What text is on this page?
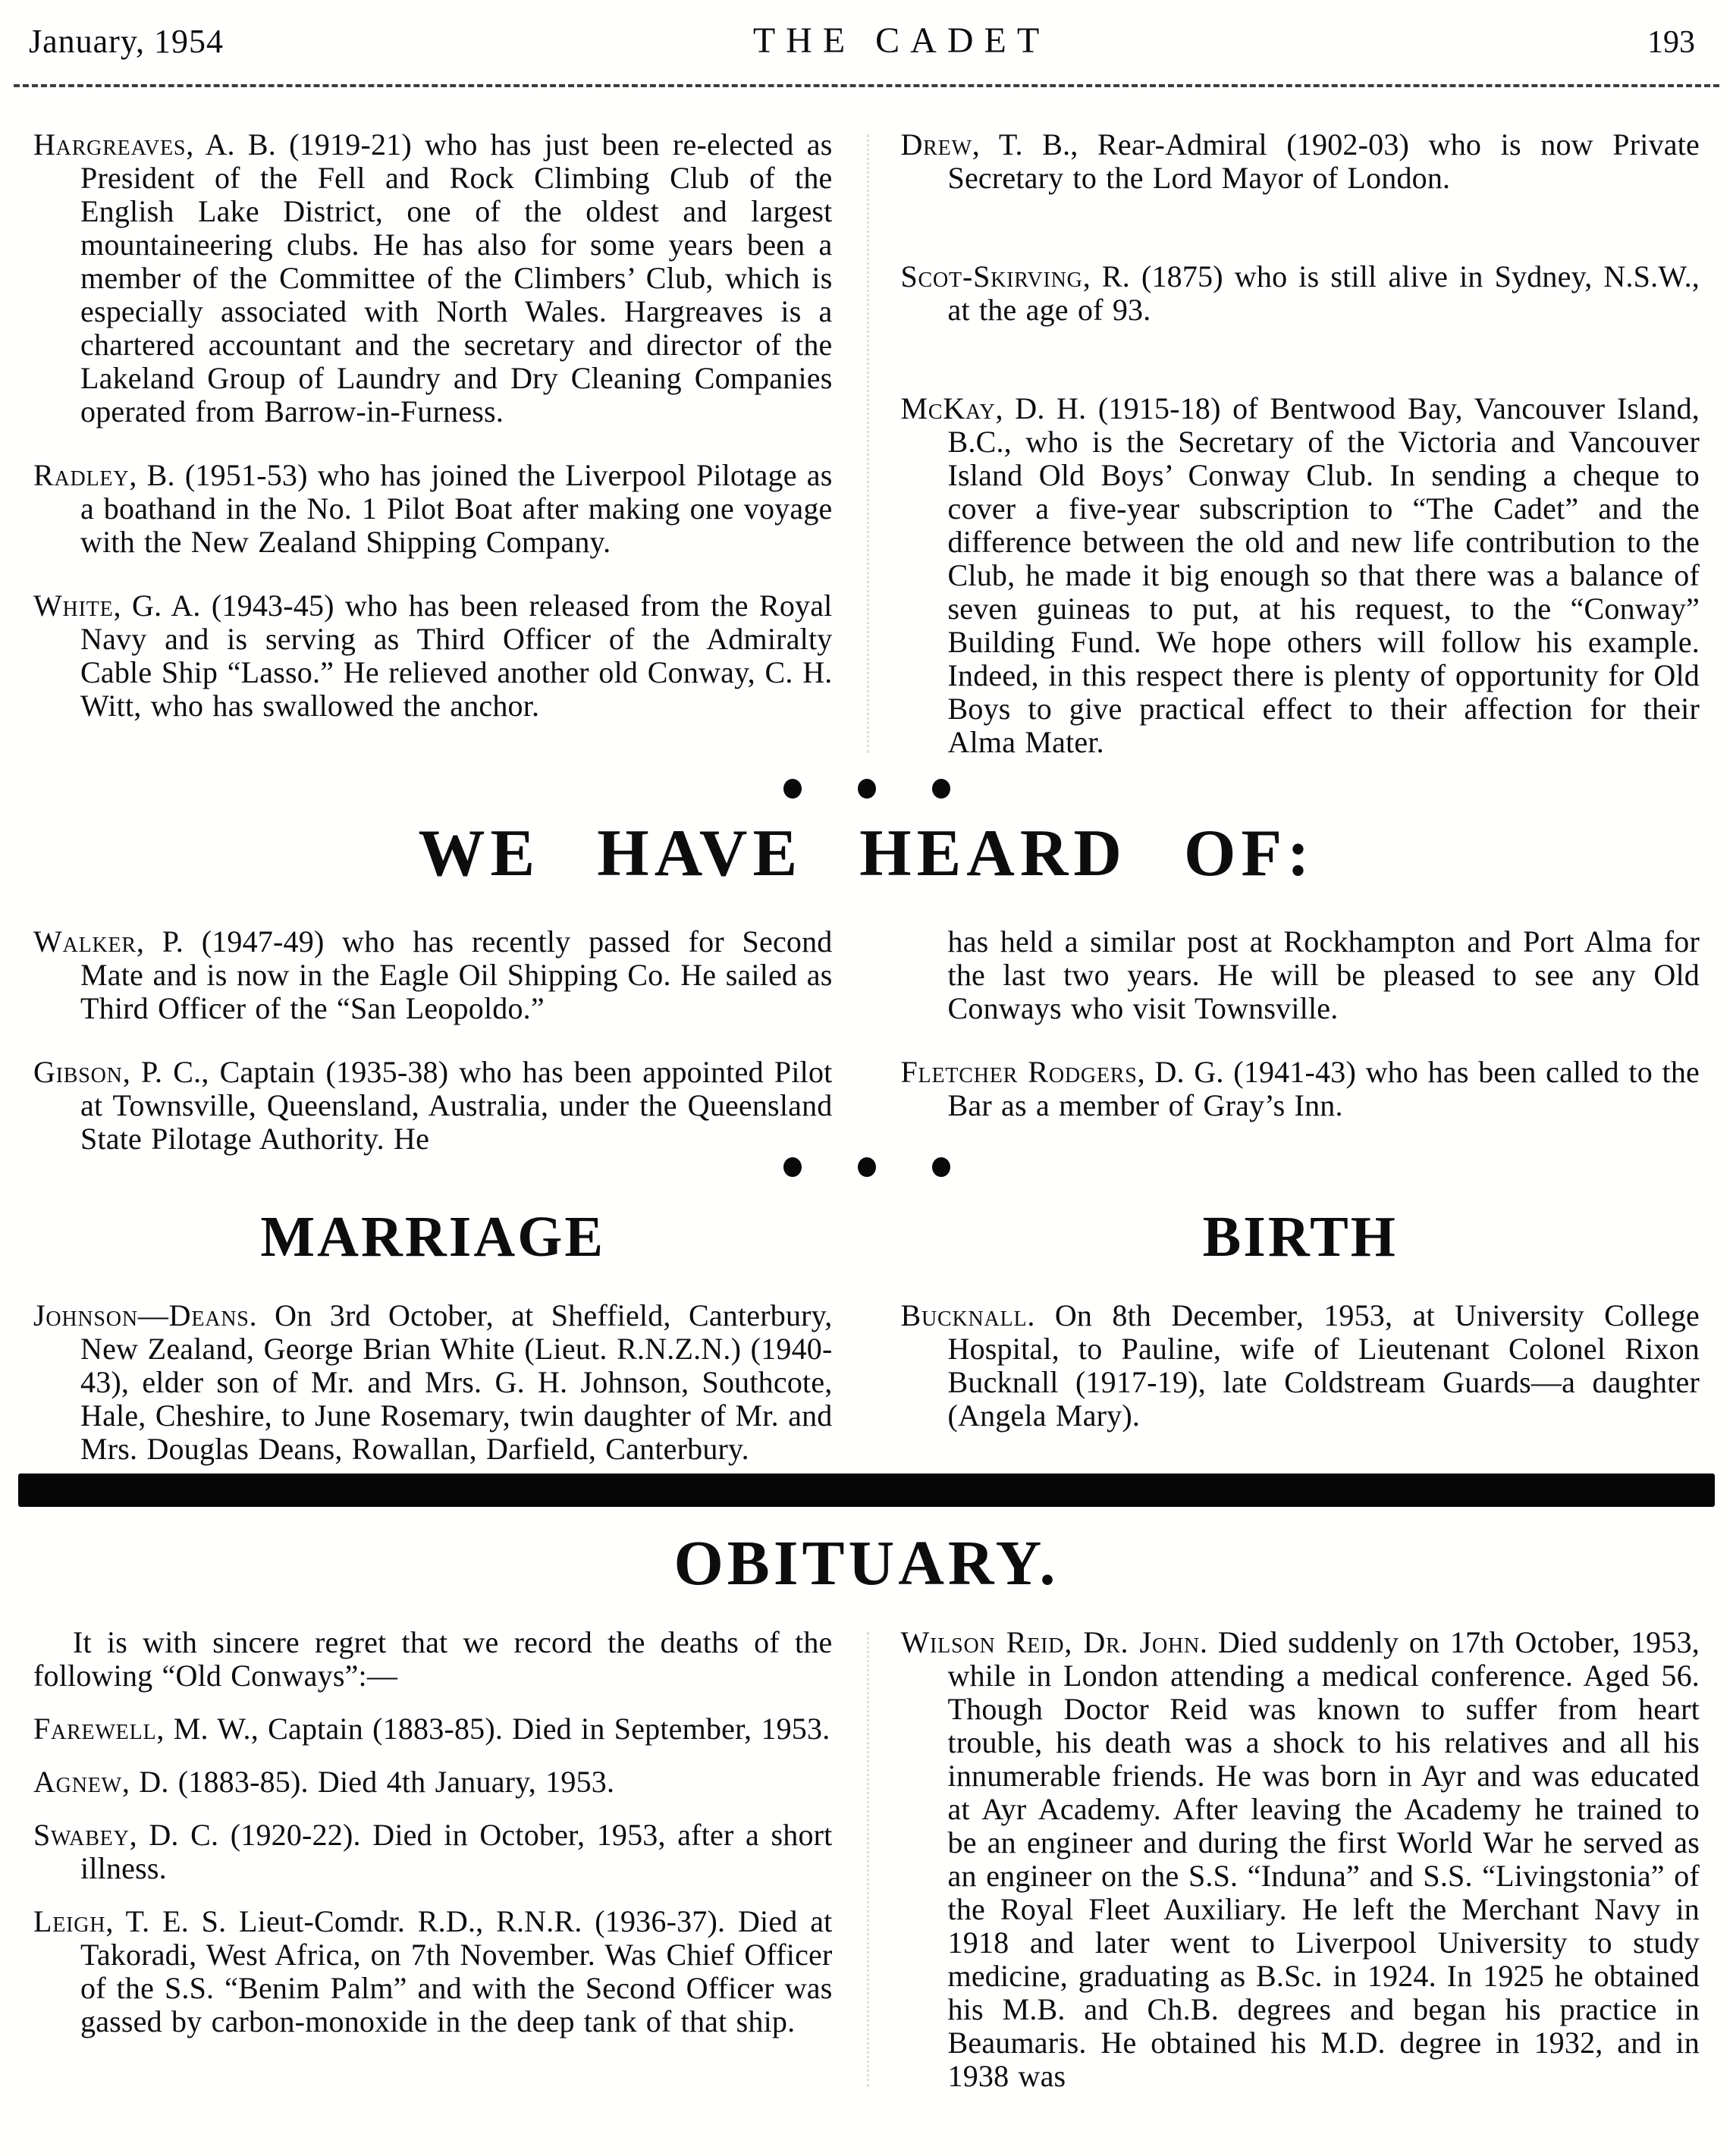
January, 1954	THE CADET	193

Hargreaves, A. B. (1919-21) who has just been re-elected as President of the Fell and Rock Climbing Club of the English Lake District, one of the oldest and largest mountaineering clubs. He has also for some years been a member of the Committee of the Climbers’ Club, which is especially associated with North Wales. Hargreaves is a chartered accountant and the secretary and director of the Lakeland Group of Laundry and Dry Cleaning Companies operated from Barrow-in-Furness.

Radley, B. (1951-53) who has joined the Liverpool Pilotage as a boathand in the No. 1 Pilot Boat after making one voyage with the New Zealand Shipping Company.

White, G. A. (1943-45) who has been released from the Royal Navy and is serving as Third Officer of the Admiralty Cable Ship “Lasso.” He relieved another old Conway, C. H. Witt, who has swallowed the anchor.

Drew, T. B., Rear-Admiral (1902-03) who is now Private Secretary to the Lord Mayor of London.

Scot-Skirving, R. (1875) who is still alive in Sydney, N.S.W., at the age of 93.

McKay, D. H. (1915-18) of Bentwood Bay, Vancouver Island, B.C., who is the Secretary of the Victoria and Vancouver Island Old Boys’ Conway Club. In sending a cheque to cover a five-year subscription to “The Cadet” and the difference between the old and new life contribution to the Club, he made it big enough so that there was a balance of seven guineas to put, at his request, to the “Conway” Building Fund. We hope others will follow his example. Indeed, in this respect there is plenty of opportunity for Old Boys to give practical effect to their affection for their Alma Mater.

WE HAVE HEARD OF:

Walker, P. (1947-49) who has recently passed for Second Mate and is now in the Eagle Oil Shipping Co. He sailed as Third Officer of the “San Leopoldo.”

Gibson, P. C., Captain (1935-38) who has been appointed Pilot at Townsville, Queensland, Australia, under the Queensland State Pilotage Authority. He

has held a similar post at Rockhampton and Port Alma for the last two years. He will be pleased to see any Old Conways who visit Townsville.

Fletcher Rodgers, D. G. (1941-43) who has been called to the Bar as a member of Gray’s Inn.

MARRIAGE

Johnson—Deans. On 3rd October, at Sheffield, Canterbury, New Zealand, George Brian White (Lieut. R.N.Z.N.) (1940-43), elder son of Mr. and Mrs. G. H. Johnson, Southcote, Hale, Cheshire, to June Rosemary, twin daughter of Mr. and Mrs. Douglas Deans, Rowallan, Darfield, Canterbury.

BIRTH

Bucknall. On 8th December, 1953, at University College Hospital, to Pauline, wife of Lieutenant Colonel Rixon Bucknall (1917-19), late Coldstream Guards—a daughter (Angela Mary).

OBITUARY.

It is with sincere regret that we record the deaths of the following “Old Conways”:—

Farewell, M. W., Captain (1883-85). Died in September, 1953.

Agnew, D. (1883-85). Died 4th January, 1953.

Swabey, D. C. (1920-22). Died in October, 1953, after a short illness.

Leigh, T. E. S. Lieut-Comdr. R.D., R.N.R. (1936-37). Died at Takoradi, West Africa, on 7th November. Was Chief Officer of the S.S. “Benim Palm” and with the Second Officer was gassed by carbon-monoxide in the deep tank of that ship.

Wilson Reid, Dr. John. Died suddenly on 17th October, 1953, while in London attending a medical conference. Aged 56. Though Doctor Reid was known to suffer from heart trouble, his death was a shock to his relatives and all his innumerable friends. He was born in Ayr and was educated at Ayr Academy. After leaving the Academy he trained to be an engineer and during the first World War he served as an engineer on the S.S. “Induna” and S.S. “Livingstonia” of the Royal Fleet Auxiliary. He left the Merchant Navy in 1918 and later went to Liverpool University to study medicine, graduating as B.Sc. in 1924. In 1925 he obtained his M.B. and Ch.B. degrees and began his practice in Beaumaris. He obtained his M.D. degree in 1932, and in 1938 was
